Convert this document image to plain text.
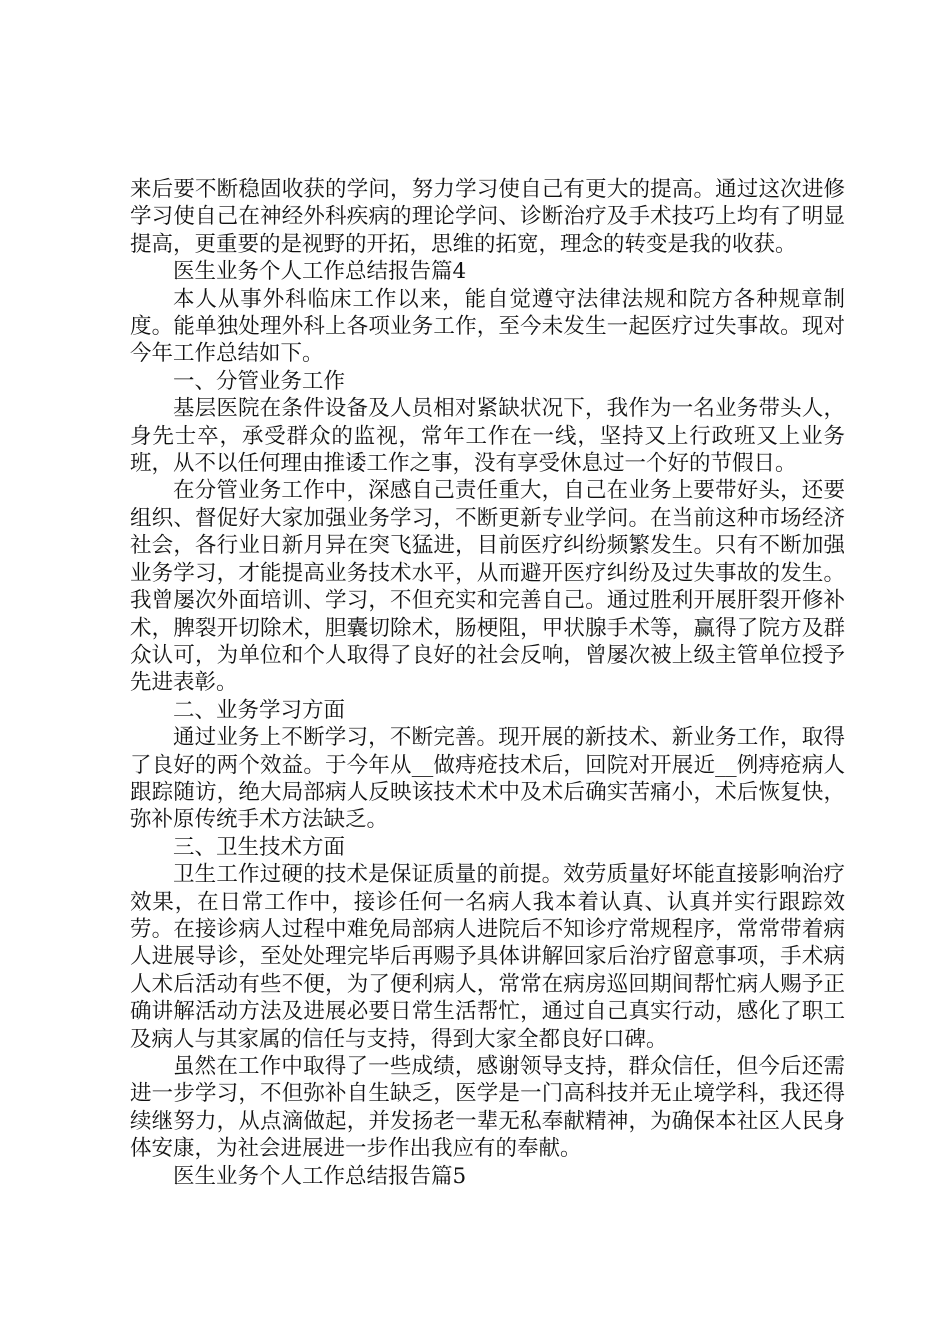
来后要不断稳固收获的学问，努力学习使自己有更大的提高。通过这次进修学习使自己在神经外科疾病的理论学问、诊断治疗及手术技巧上均有了明显提高，更重要的是视野的开拓，思维的拓宽，理念的转变是我的收获。

医生业务个人工作总结报告篇4

本人从事外科临床工作以来，能自觉遵守法律法规和院方各种规章制度。能单独处理外科上各项业务工作，至今未发生一起医疗过失事故。现对今年工作总结如下。

一、分管业务工作

基层医院在条件设备及人员相对紧缺状况下，我作为一名业务带头人，身先士卒，承受群众的监视，常年工作在一线，坚持又上行政班又上业务班，从不以任何理由推诿工作之事，没有享受休息过一个好的节假日。

在分管业务工作中，深感自己责任重大，自己在业务上要带好头，还要组织、督促好大家加强业务学习，不断更新专业学问。在当前这种市场经济社会，各行业日新月异在突飞猛进，目前医疗纠纷频繁发生。只有不断加强业务学习，才能提高业务技术水平，从而避开医疗纠纷及过失事故的发生。我曾屡次外面培训、学习，不但充实和完善自己。通过胜利开展肝裂开修补术，脾裂开切除术，胆囊切除术，肠梗阻，甲状腺手术等，赢得了院方及群众认可，为单位和个人取得了良好的社会反响，曾屡次被上级主管单位授予先进表彰。

二、业务学习方面

通过业务上不断学习，不断完善。现开展的新技术、新业务工作，取得了良好的两个效益。于今年从__做痔疮技术后，回院对开展近__例痔疮病人跟踪随访，绝大局部病人反映该技术术中及术后确实苦痛小，术后恢复快，弥补原传统手术方法缺乏。

三、卫生技术方面

卫生工作过硬的技术是保证质量的前提。效劳质量好坏能直接影响治疗效果，在日常工作中，接诊任何一名病人我本着认真、认真并实行跟踪效劳。在接诊病人过程中难免局部病人进院后不知诊疗常规程序，常常带着病人进展导诊，至处处理完毕后再赐予具体讲解回家后治疗留意事项，手术病人术后活动有些不便，为了便利病人，常常在病房巡回期间帮忙病人赐予正确讲解活动方法及进展必要日常生活帮忙，通过自己真实行动，感化了职工及病人与其家属的信任与支持，得到大家全都良好口碑。

虽然在工作中取得了一些成绩，感谢领导支持，群众信任，但今后还需进一步学习，不但弥补自生缺乏，医学是一门高科技并无止境学科，我还得续继努力，从点滴做起，并发扬老一辈无私奉献精神，为确保本社区人民身体安康，为社会进展进一步作出我应有的奉献。

医生业务个人工作总结报告篇5
